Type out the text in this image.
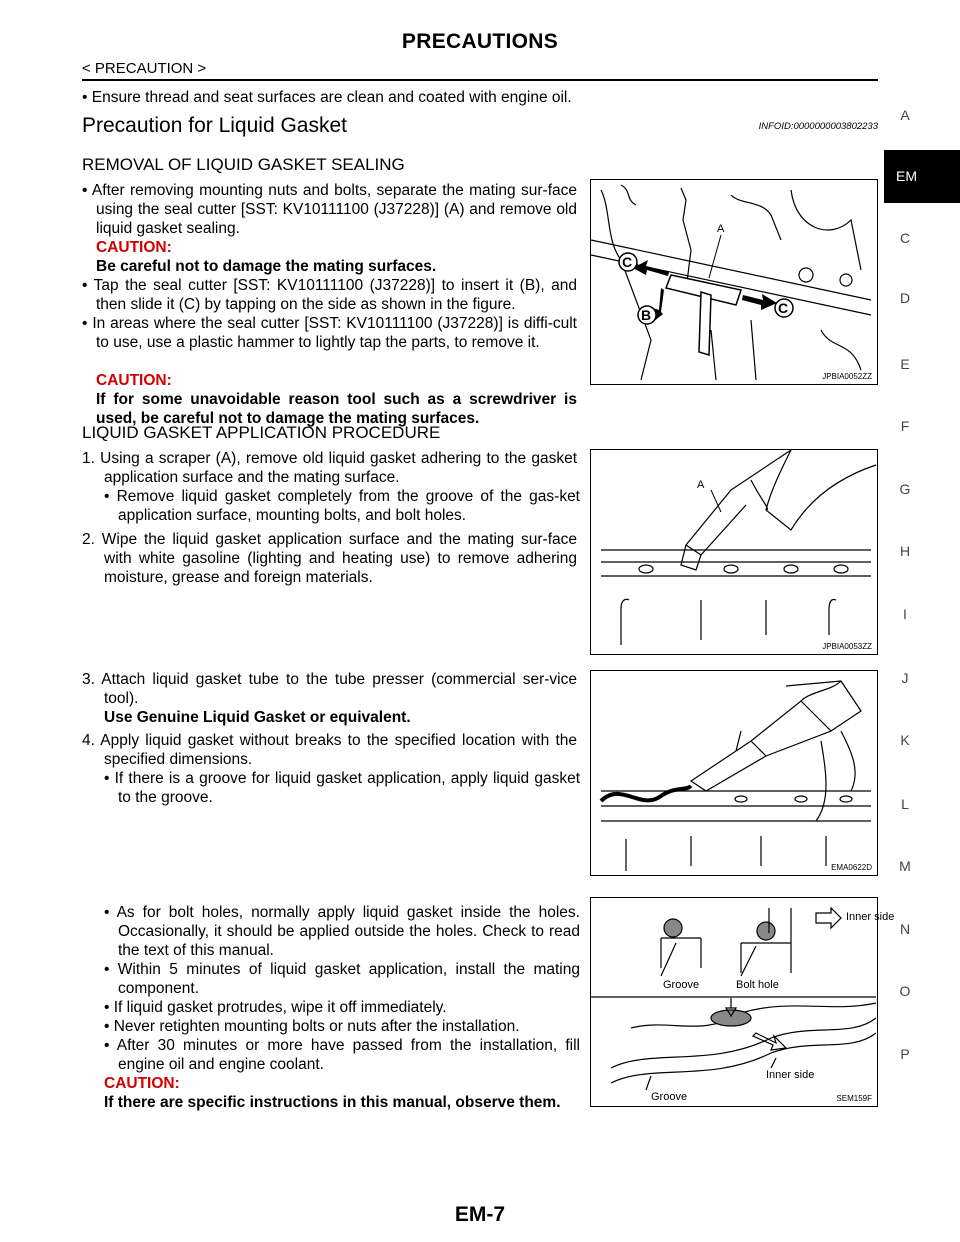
PRECAUTIONS
< PRECAUTION >
• Ensure thread and seat surfaces are clean and coated with engine oil.
Precaution for Liquid Gasket	INFOID:0000000003802233
REMOVAL OF LIQUID GASKET SEALING
• After removing mounting nuts and bolts, separate the mating sur-face using the seal cutter [SST: KV10111100 (J37228)] (A) and remove old liquid gasket sealing.
CAUTION:
Be careful not to damage the mating surfaces.
• Tap the seal cutter [SST: KV10111100 (J37228)] to insert it (B), and then slide it (C) by tapping on the side as shown in the figure.
• In areas where the seal cutter [SST: KV10111100 (J37228)] is diffi-cult to use, use a plastic hammer to lightly tap the parts, to remove it.
CAUTION:
If for some unavoidable reason tool such as a screwdriver is used, be careful not to damage the mating surfaces.
A
C
C
B
JPBIA0052ZZ
LIQUID GASKET APPLICATION PROCEDURE
1. Using a scraper (A), remove old liquid gasket adhering to the gasket application surface and the mating surface.
• Remove liquid gasket completely from the groove of the gas-ket application surface, mounting bolts, and bolt holes.
2. Wipe the liquid gasket application surface and the mating sur-face with white gasoline (lighting and heating use) to remove adhering moisture, grease and foreign materials.
A
JPBIA0053ZZ
3. Attach liquid gasket tube to the tube presser (commercial ser-vice tool).
Use Genuine Liquid Gasket or equivalent.
4. Apply liquid gasket without breaks to the specified location with the specified dimensions.
• If there is a groove for liquid gasket application, apply liquid gasket to the groove.
EMA0622D
• As for bolt holes, normally apply liquid gasket inside the holes. Occasionally, it should be applied outside the holes. Check to read the text of this manual.
• Within 5 minutes of liquid gasket application, install the mating component.
• If liquid gasket protrudes, wipe it off immediately.
• Never retighten mounting bolts or nuts after the installation.
• After 30 minutes or more have passed from the installation, fill engine oil and engine coolant.
CAUTION:
If there are specific instructions in this manual, observe them.
Inner side
Groove	Bolt hole
Inner side
Groove	SEM159F
A
EM
C
D
E
F
G
H
I
J
K
L
M
N
O
P
EM-7
